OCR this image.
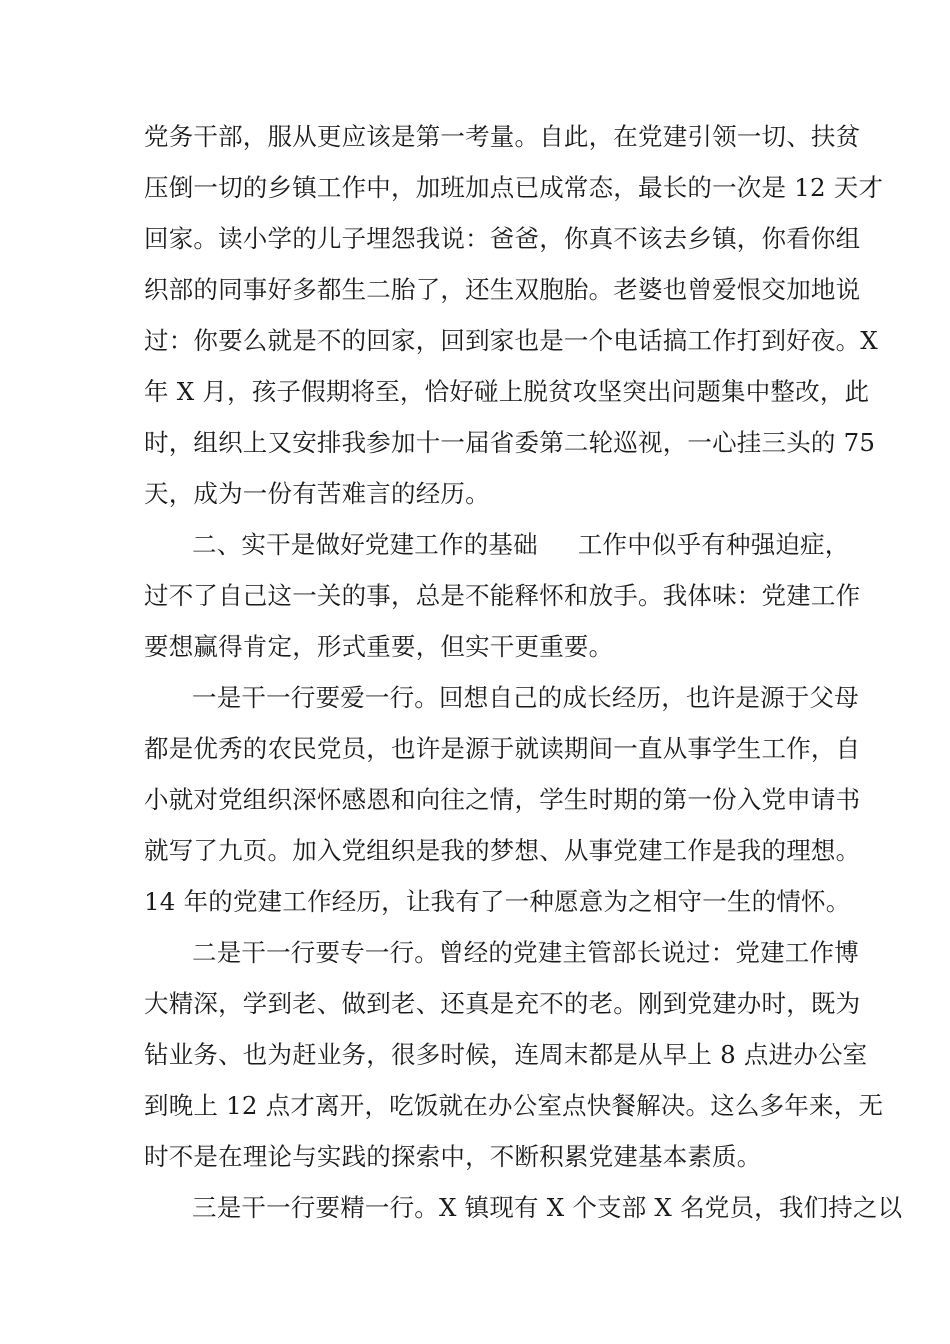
党务干部，服从更应该是第一考量。自此，在党建引领一切、扶贫
压倒一切的乡镇工作中，加班加点已成常态，最长的一次是 12 天才
回家。读小学的儿子埋怨我说：爸爸，你真不该去乡镇，你看你组
织部的同事好多都生二胎了，还生双胞胎。老婆也曾爱恨交加地说
过：你要么就是不的回家，回到家也是一个电话搞工作打到好夜。X
年 X 月，孩子假期将至，恰好碰上脱贫攻坚突出问题集中整改，此
时，组织上又安排我参加十一届省委第二轮巡视，一心挂三头的 75
天，成为一份有苦难言的经历。
二、实干是做好党建工作的基础 工作中似乎有种强迫症，
过不了自己这一关的事，总是不能释怀和放手。我体味：党建工作
要想赢得肯定，形式重要，但实干更重要。
一是干一行要爱一行。回想自己的成长经历，也许是源于父母
都是优秀的农民党员，也许是源于就读期间一直从事学生工作，自
小就对党组织深怀感恩和向往之情，学生时期的第一份入党申请书
就写了九页。加入党组织是我的梦想、从事党建工作是我的理想。
14 年的党建工作经历，让我有了一种愿意为之相守一生的情怀。
二是干一行要专一行。曾经的党建主管部长说过：党建工作博
大精深，学到老、做到老、还真是充不的老。刚到党建办时，既为
钻业务、也为赶业务，很多时候，连周末都是从早上 8 点进办公室
到晚上 12 点才离开，吃饭就在办公室点快餐解决。这么多年来，无
时不是在理论与实践的探索中，不断积累党建基本素质。
三是干一行要精一行。X 镇现有 X 个支部 X 名党员，我们持之以
